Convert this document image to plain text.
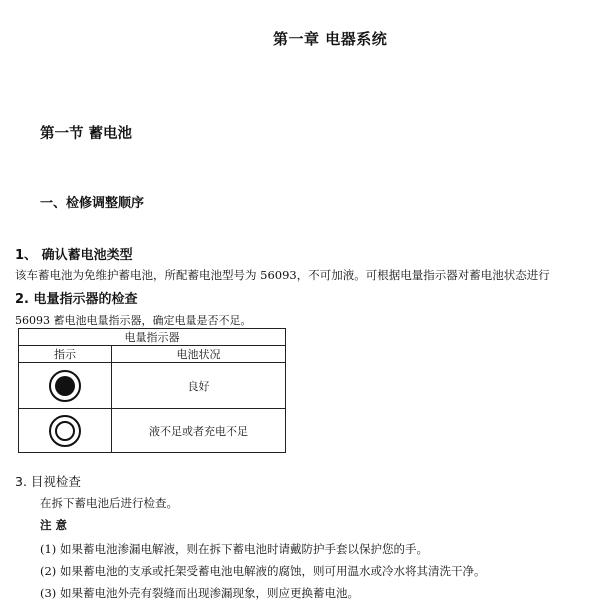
第一章 电器系统
第一节 蓄电池
一、检修调整顺序
1、 确认蓄电池类型
该车蓄电池为免维护蓄电池，所配蓄电池型号为 56093，不可加液。可根据电量指示器对蓄电池状态进行
2. 电量指示器的检查
56093 蓄电池电量指示器，确定电量是否不足。
电量指示器	
指示	电池状况

	良好

	液不足或者充电不足
3. 目视检查
在拆下蓄电池后进行检查。
注 意
(1) 如果蓄电池渗漏电解液，则在拆下蓄电池时请戴防护手套以保护您的手。
(2) 如果蓄电池的支承或托架受蓄电池电解液的腐蚀，则可用温水或冷水将其清洗干净。
(3) 如果蓄电池外壳有裂缝而出现渗漏现象，则应更换蓄电池。
